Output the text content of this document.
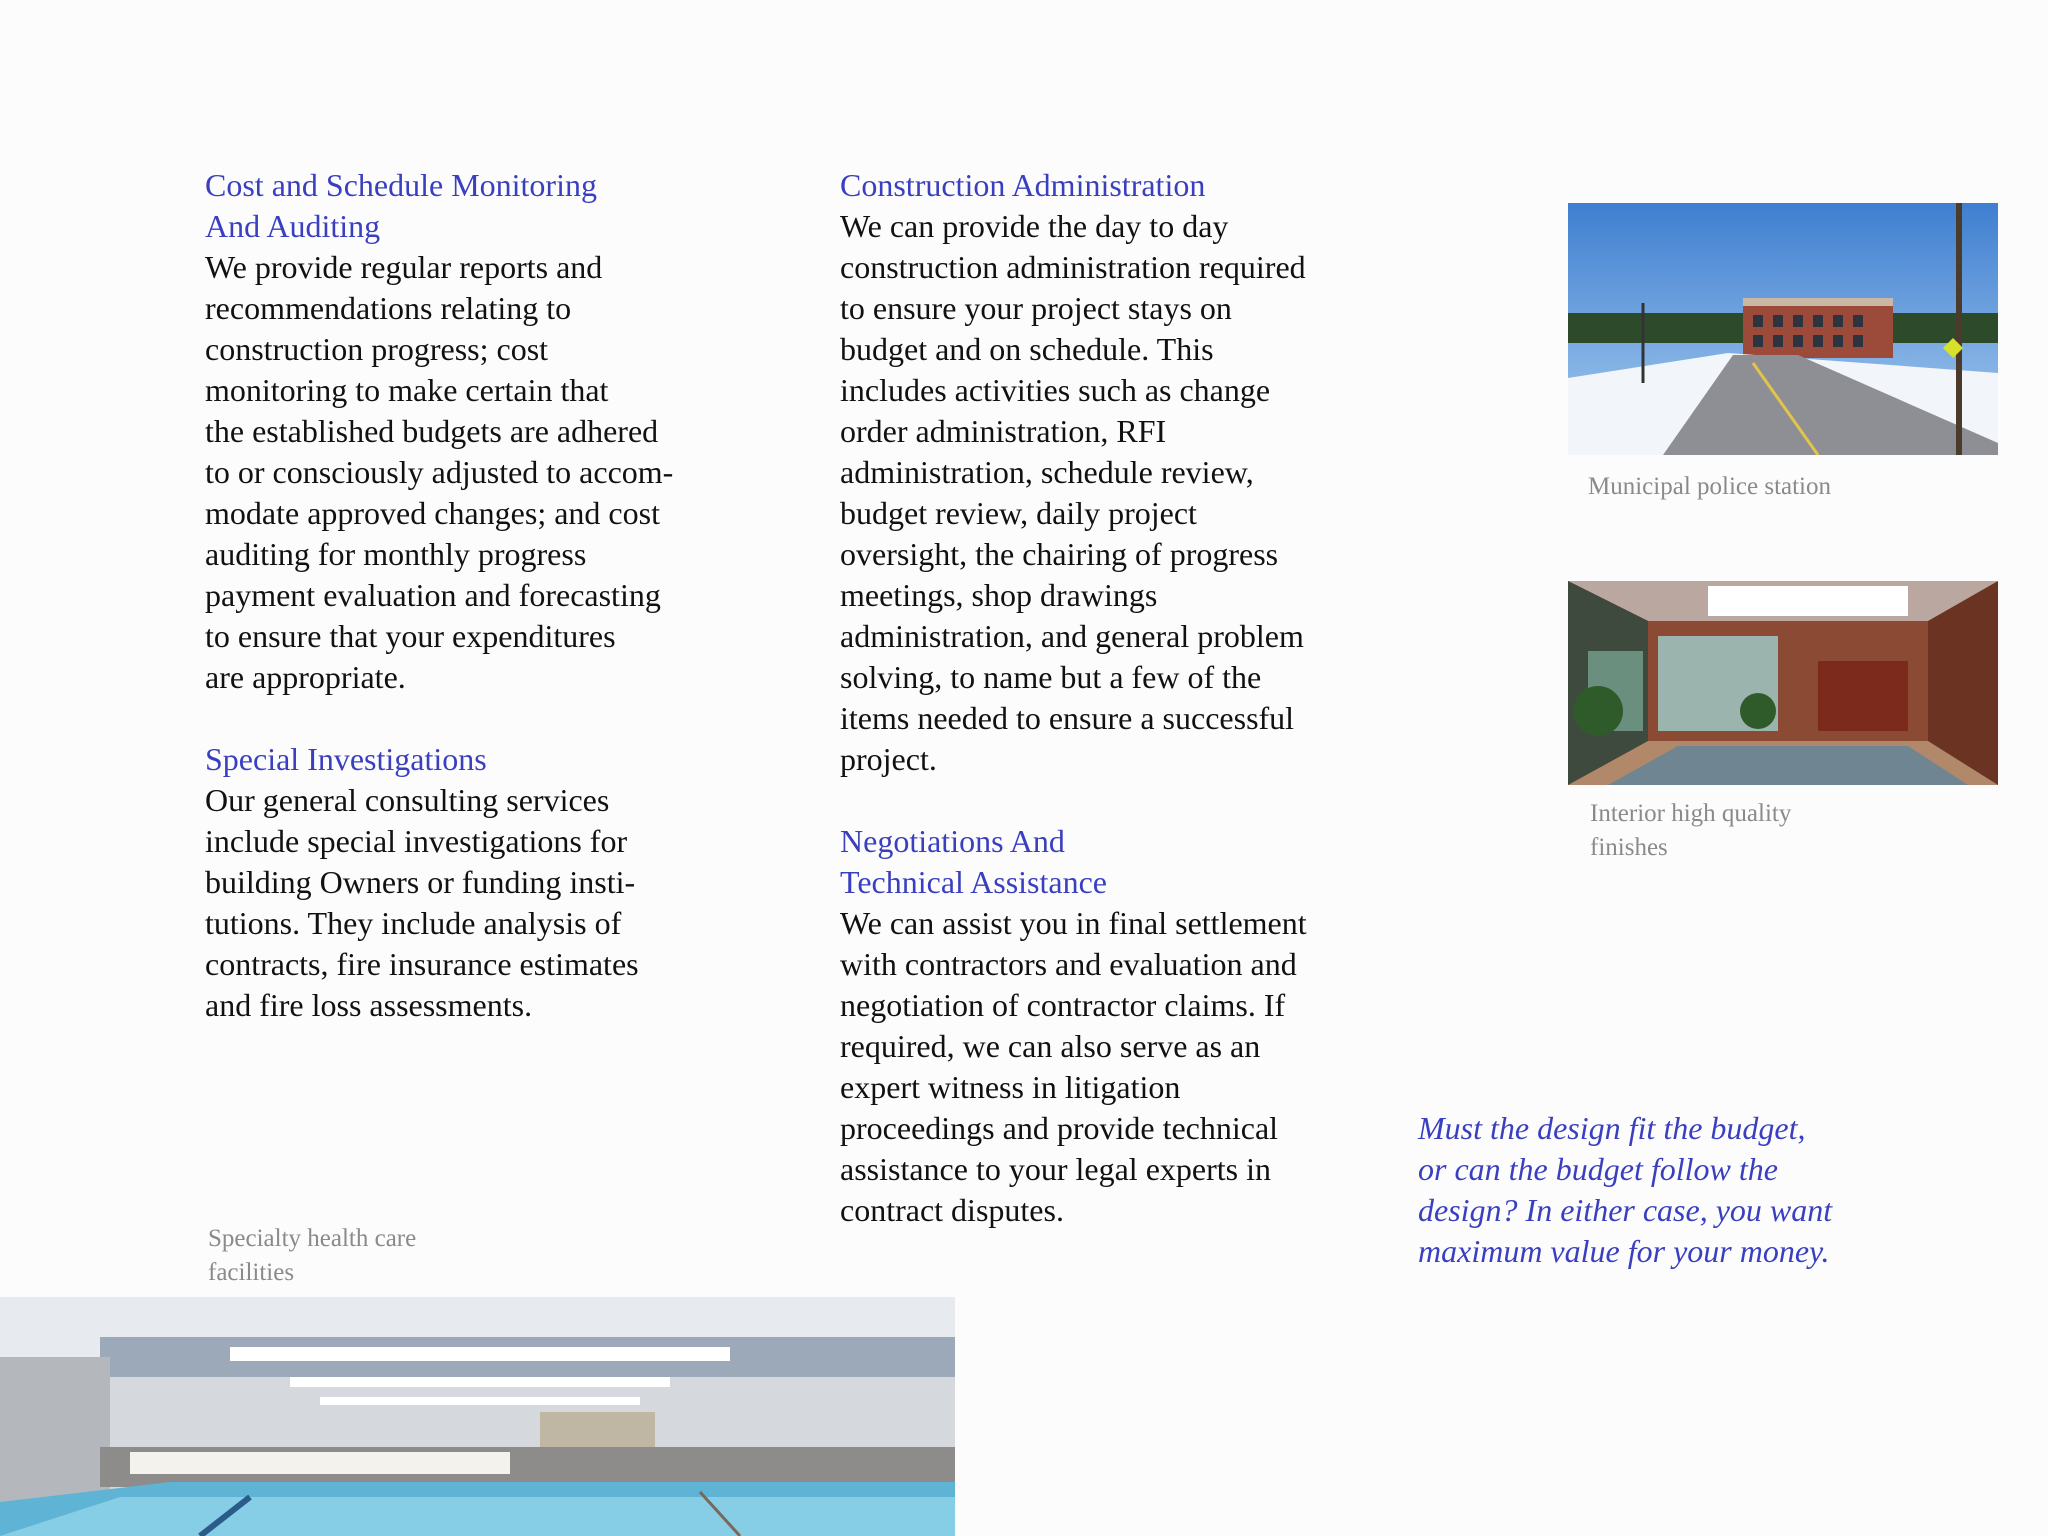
Cost and Schedule Monitoring
And Auditing

We provide regular reports and
recommendations relating to
construction progress; cost
monitoring to make certain that
the established budgets are adhered
to or consciously adjusted to accom-
modate approved changes; and cost
auditing for monthly progress
payment evaluation and forecasting
to ensure that your expenditures
are appropriate.

Special Investigations

Our general consulting services
include special investigations for
building Owners or funding insti-
tutions. They include analysis of
contracts, fire insurance estimates
and fire loss assessments.

Construction Administration

We can provide the day to day
construction administration required
to ensure your project stays on
budget and on schedule. This
includes activities such as change
order administration, RFI
administration, schedule review,
budget review, daily project
oversight, the chairing of progress
meetings, shop drawings
administration, and general problem
solving, to name but a few of the
items needed to ensure a successful
project.

Negotiations And
Technical Assistance

We can assist you in final settlement
with contractors and evaluation and
negotiation of contractor claims. If
required, we can also serve as an
expert witness in litigation
proceedings and provide technical
assistance to your legal experts in
contract disputes.

Municipal police station
Interior high quality
finishes
Specialty health care
facilities
Must the design fit the budget,
or can the budget follow the
design? In either case, you want
maximum value for your money.
